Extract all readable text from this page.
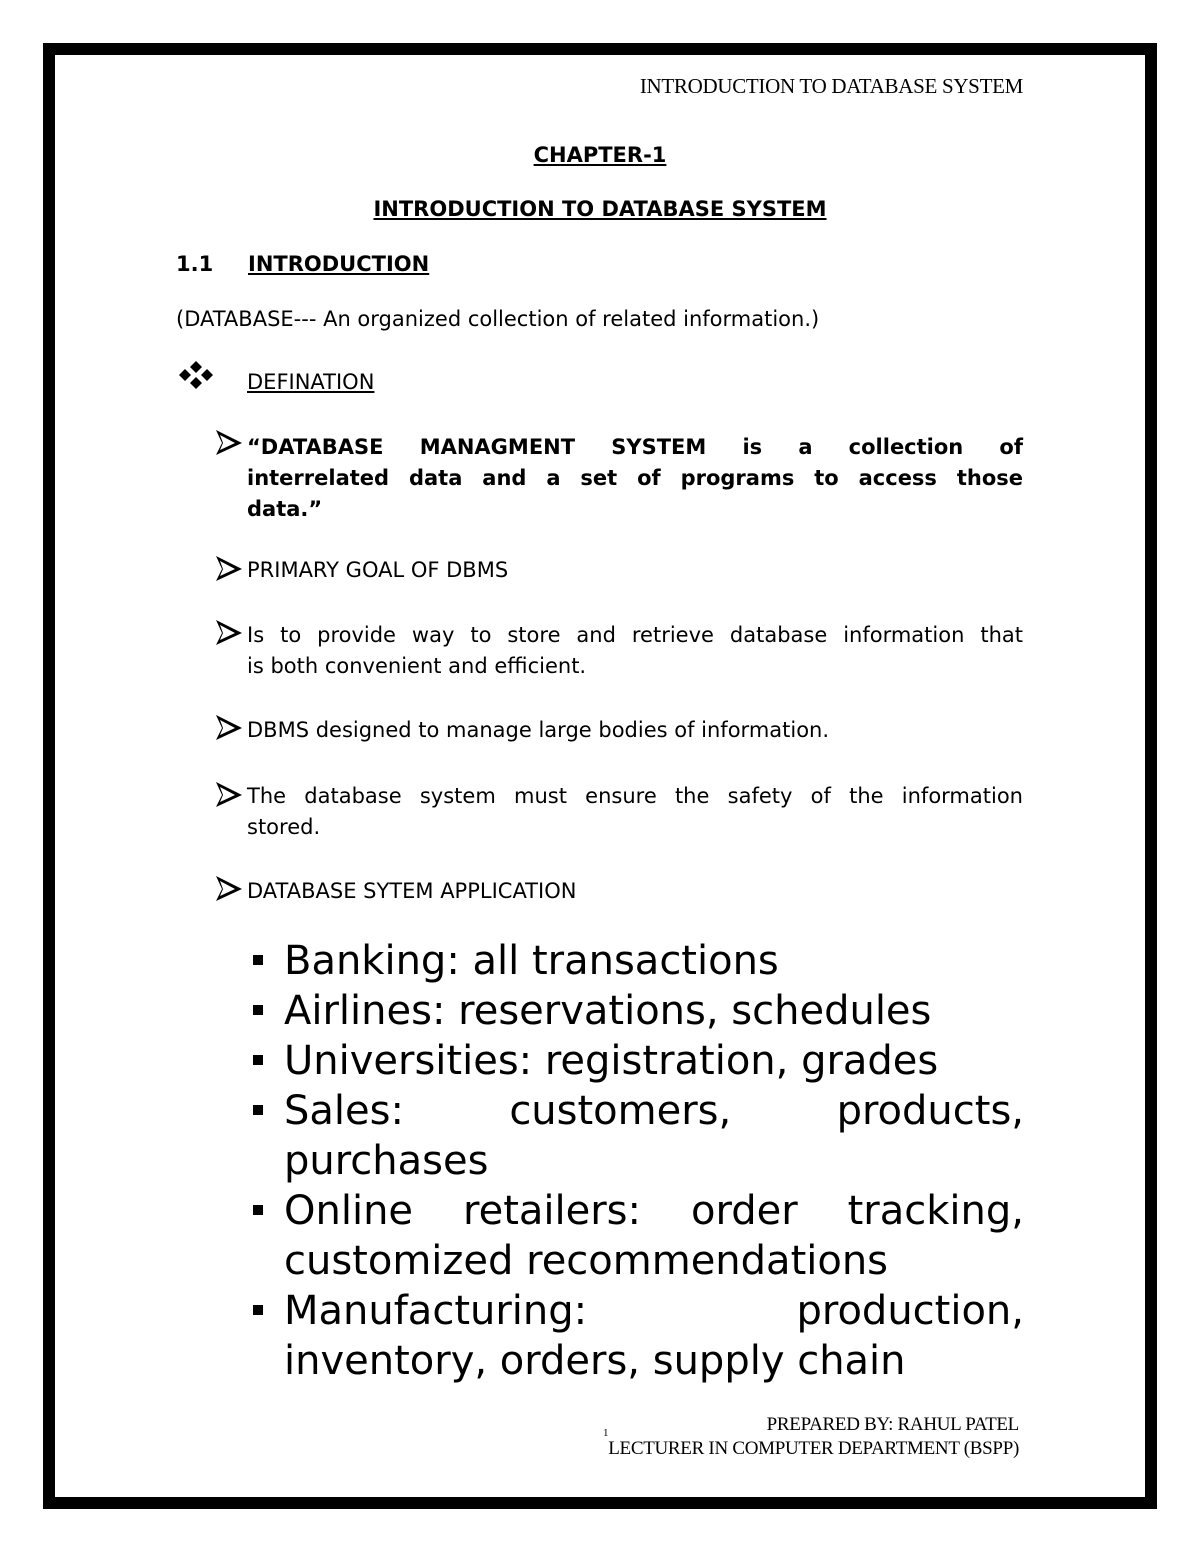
INTRODUCTION TO DATABASE SYSTEM

CHAPTER-1

INTRODUCTION TO DATABASE SYSTEM

1.1 INTRODUCTION

(DATABASE--- An organized collection of related information.)

DEFINATION

“DATABASE MANAGMENT SYSTEM is a collection of
interrelated data and a set of programs to access those
data.”
PRIMARY GOAL OF DBMS
Is to provide way to store and retrieve database information that
is both convenient and efficient.
DBMS designed to manage large bodies of information.
The database system must ensure the safety of the information
stored.
DATABASE SYTEM APPLICATION
Banking: all transactions
Airlines: reservations, schedules
Universities: registration, grades
Sales: customers, products, purchases
Online retailers: order tracking, customized recommendations
Manufacturing: production, inventory, orders, supply chain

1	PREPARED BY: RAHUL PATEL

LECTURER IN COMPUTER DEPARTMENT (BSPP)
